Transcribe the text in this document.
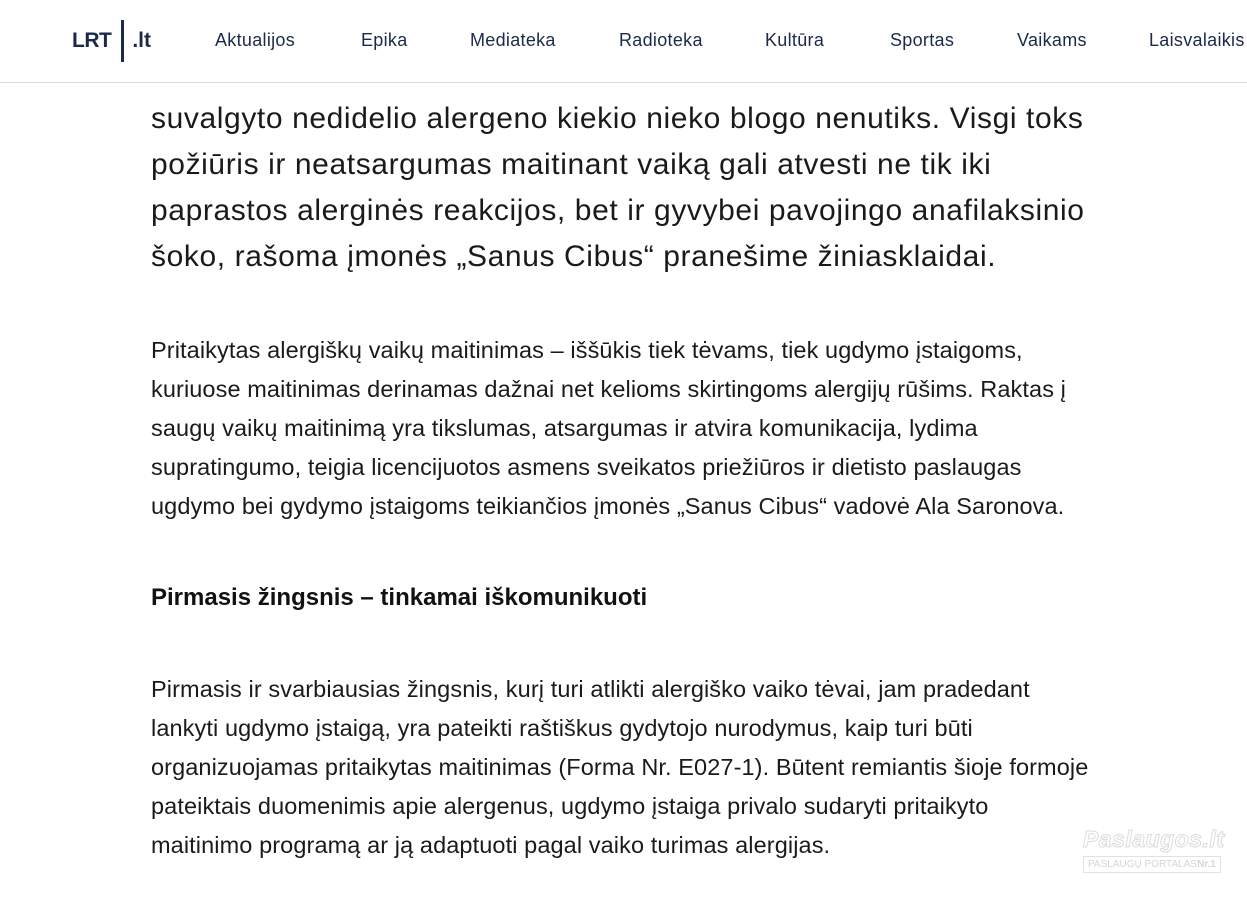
suvalgyto nedidelio alergeno kiekio nieko blogo nenutiks. Visgi toks

požiūris ir neatsargumas maitinant vaiką gali atvesti ne tik iki

paprastos alerginės reakcijos, bet ir gyvybei pavojingo anafilaksinio

šoko, rašoma įmonės „Sanus Cibus“ pranešime žiniasklaidai.

Pritaikytas alergiškų vaikų maitinimas – iššūkis tiek tėvams, tiek ugdymo įstaigoms,

kuriuose maitinimas derinamas dažnai net kelioms skirtingoms alergijų rūšims. Raktas į

saugų vaikų maitinimą yra tikslumas, atsargumas ir atvira komunikacija, lydima

supratingumo, teigia licencijuotos asmens sveikatos priežiūros ir dietisto paslaugas

ugdymo bei gydymo įstaigoms teikiančios įmonės „Sanus Cibus“ vadovė Ala Saronova.

Pirmasis žingsnis – tinkamai iškomunikuoti

Pirmasis ir svarbiausias žingsnis, kurį turi atlikti alergiško vaiko tėvai, jam pradedant

lankyti ugdymo įstaigą, yra pateikti raštiškus gydytojo nurodymus, kaip turi būti

organizuojamas pritaikytas maitinimas (Forma Nr. E027-1). Būtent remiantis šioje formoje

pateiktais duomenimis apie alergenus, ugdymo įstaiga privalo sudaryti pritaikyto

maitinimo programą ar ją adaptuoti pagal vaiko turimas alergijas.

LRT .lt	Aktualijos	Epika	Mediateka	Radioteka	Kultūra	Sportas	Vaikams	Laisvalaikis
Paslaugos.lt
PASLAUGŲ PORTALAS Nr.1
